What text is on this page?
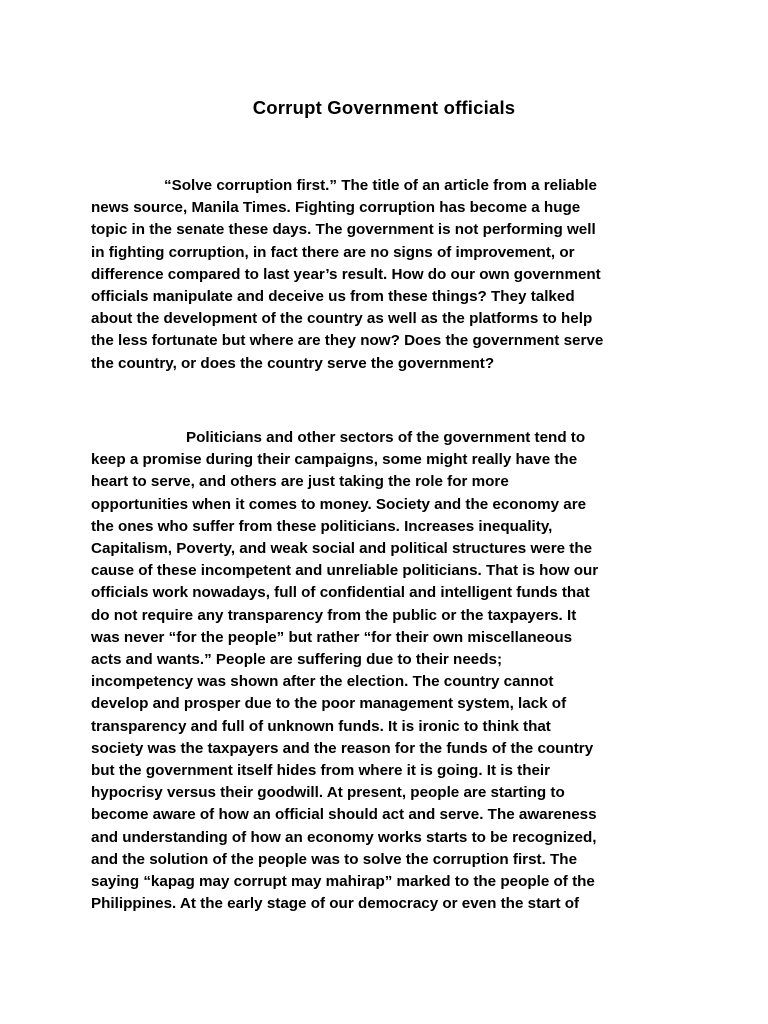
Corrupt Government officials

“Solve corruption first.” The title of an article from a reliable
news source, Manila Times. Fighting corruption has become a huge
topic in the senate these days. The government is not performing well
in fighting corruption, in fact there are no signs of improvement, or
difference compared to last year’s result. How do our own government
officials manipulate and deceive us from these things? They talked
about the development of the country as well as the platforms to help
the less fortunate but where are they now? Does the government serve
the country, or does the country serve the government?

Politicians and other sectors of the government tend to
keep a promise during their campaigns, some might really have the
heart to serve, and others are just taking the role for more
opportunities when it comes to money. Society and the economy are
the ones who suffer from these politicians. Increases inequality,
Capitalism, Poverty, and weak social and political structures were the
cause of these incompetent and unreliable politicians. That is how our
officials work nowadays, full of confidential and intelligent funds that
do not require any transparency from the public or the taxpayers. It
was never “for the people” but rather “for their own miscellaneous
acts and wants.” People are suffering due to their needs;
incompetency was shown after the election. The country cannot
develop and prosper due to the poor management system, lack of
transparency and full of unknown funds. It is ironic to think that
society was the taxpayers and the reason for the funds of the country
but the government itself hides from where it is going. It is their
hypocrisy versus their goodwill. At present, people are starting to
become aware of how an official should act and serve. The awareness
and understanding of how an economy works starts to be recognized,
and the solution of the people was to solve the corruption first. The
saying “kapag may corrupt may mahirap” marked to the people of the
Philippines. At the early stage of our democracy or even the start of
